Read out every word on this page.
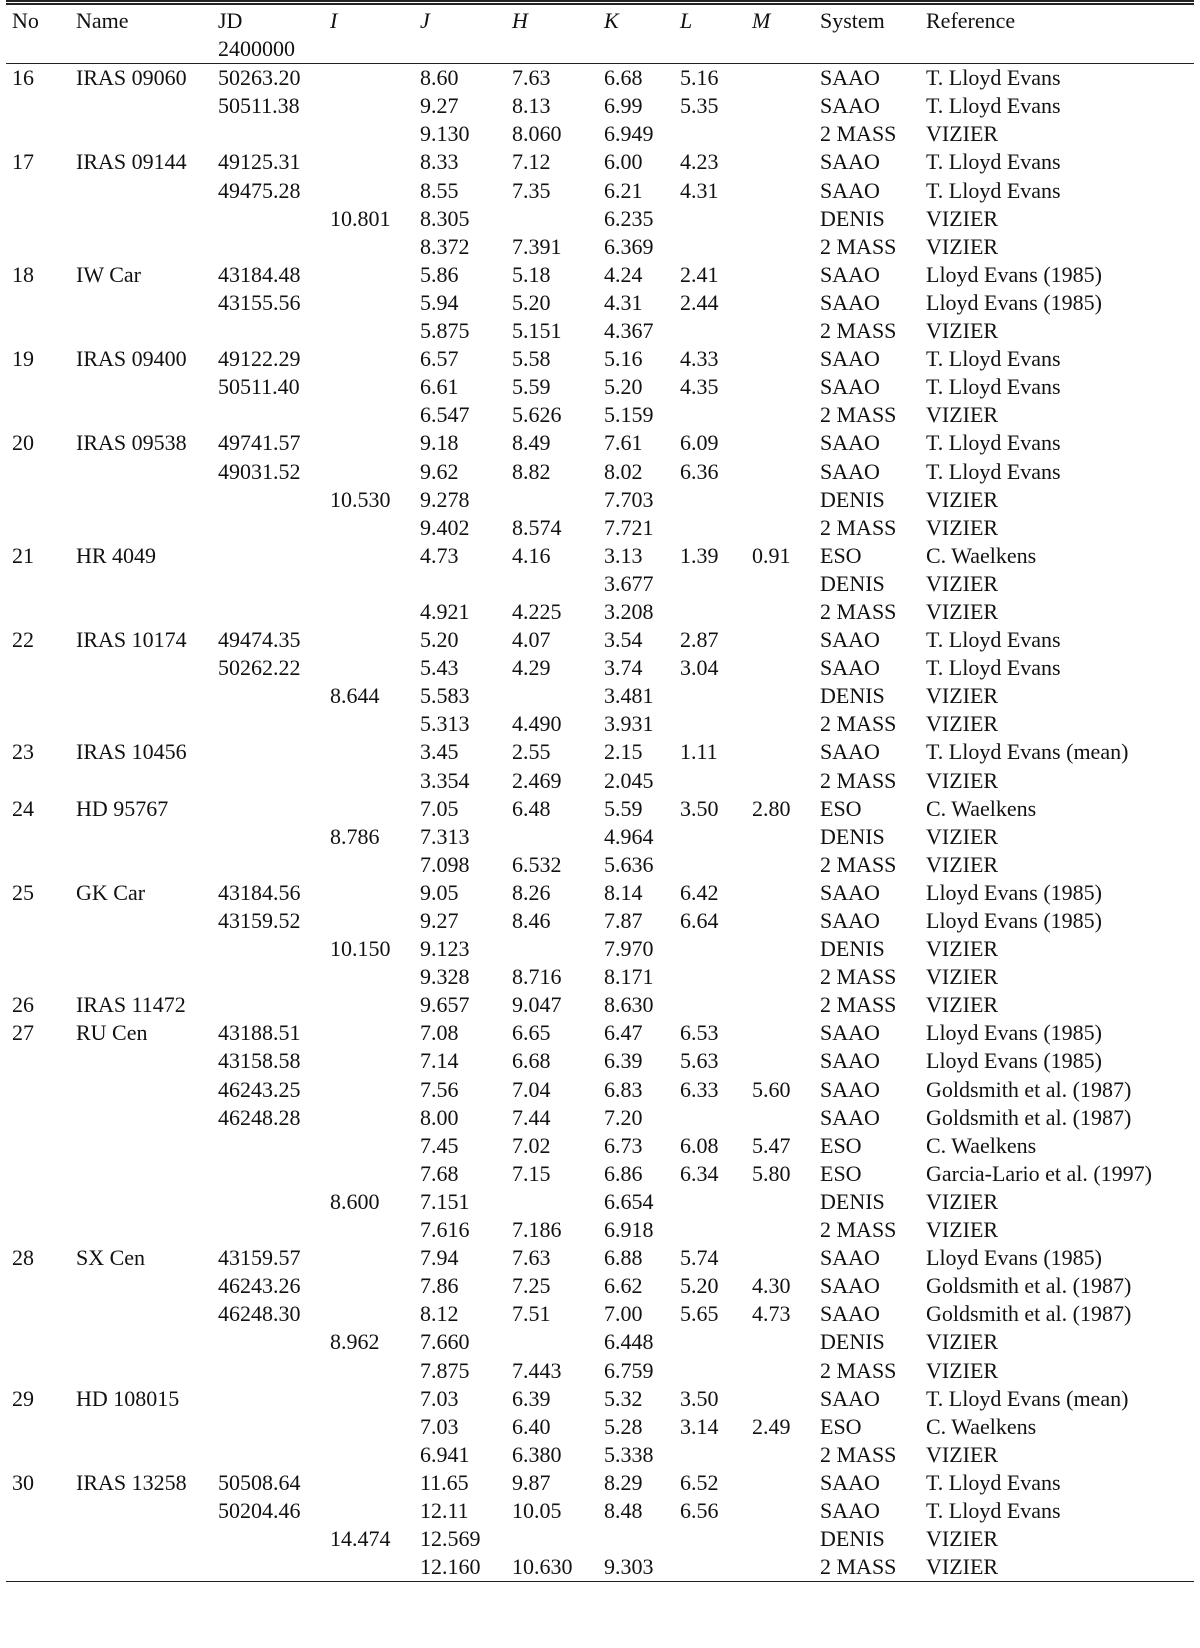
No	Name	JD	I	J	H	K	L	M	System	Reference
		2400000								
16	IRAS 09060	50263.20		8.60	7.63	6.68	5.16		SAAO	T. Lloyd Evans
		50511.38		9.27	8.13	6.99	5.35		SAAO	T. Lloyd Evans
				9.130	8.060	6.949			2 MASS	VIZIER
17	IRAS 09144	49125.31		8.33	7.12	6.00	4.23		SAAO	T. Lloyd Evans
		49475.28		8.55	7.35	6.21	4.31		SAAO	T. Lloyd Evans
			10.801	8.305		6.235			DENIS	VIZIER
				8.372	7.391	6.369			2 MASS	VIZIER
18	IW Car	43184.48		5.86	5.18	4.24	2.41		SAAO	Lloyd Evans (1985)
		43155.56		5.94	5.20	4.31	2.44		SAAO	Lloyd Evans (1985)
				5.875	5.151	4.367			2 MASS	VIZIER
19	IRAS 09400	49122.29		6.57	5.58	5.16	4.33		SAAO	T. Lloyd Evans
		50511.40		6.61	5.59	5.20	4.35		SAAO	T. Lloyd Evans
				6.547	5.626	5.159			2 MASS	VIZIER
20	IRAS 09538	49741.57		9.18	8.49	7.61	6.09		SAAO	T. Lloyd Evans
		49031.52		9.62	8.82	8.02	6.36		SAAO	T. Lloyd Evans
			10.530	9.278		7.703			DENIS	VIZIER
				9.402	8.574	7.721			2 MASS	VIZIER
21	HR 4049			4.73	4.16	3.13	1.39	0.91	ESO	C. Waelkens
						3.677			DENIS	VIZIER
				4.921	4.225	3.208			2 MASS	VIZIER
22	IRAS 10174	49474.35		5.20	4.07	3.54	2.87		SAAO	T. Lloyd Evans
		50262.22		5.43	4.29	3.74	3.04		SAAO	T. Lloyd Evans
			8.644	5.583		3.481			DENIS	VIZIER
				5.313	4.490	3.931			2 MASS	VIZIER
23	IRAS 10456			3.45	2.55	2.15	1.11		SAAO	T. Lloyd Evans (mean)
				3.354	2.469	2.045			2 MASS	VIZIER
24	HD 95767			7.05	6.48	5.59	3.50	2.80	ESO	C. Waelkens
			8.786	7.313		4.964			DENIS	VIZIER
				7.098	6.532	5.636			2 MASS	VIZIER
25	GK Car	43184.56		9.05	8.26	8.14	6.42		SAAO	Lloyd Evans (1985)
		43159.52		9.27	8.46	7.87	6.64		SAAO	Lloyd Evans (1985)
			10.150	9.123		7.970			DENIS	VIZIER
				9.328	8.716	8.171			2 MASS	VIZIER
26	IRAS 11472			9.657	9.047	8.630			2 MASS	VIZIER
27	RU Cen	43188.51		7.08	6.65	6.47	6.53		SAAO	Lloyd Evans (1985)
		43158.58		7.14	6.68	6.39	5.63		SAAO	Lloyd Evans (1985)
		46243.25		7.56	7.04	6.83	6.33	5.60	SAAO	Goldsmith et al. (1987)
		46248.28		8.00	7.44	7.20			SAAO	Goldsmith et al. (1987)
				7.45	7.02	6.73	6.08	5.47	ESO	C. Waelkens
				7.68	7.15	6.86	6.34	5.80	ESO	Garcia-Lario et al. (1997)
			8.600	7.151		6.654			DENIS	VIZIER
				7.616	7.186	6.918			2 MASS	VIZIER
28	SX Cen	43159.57		7.94	7.63	6.88	5.74		SAAO	Lloyd Evans (1985)
		46243.26		7.86	7.25	6.62	5.20	4.30	SAAO	Goldsmith et al. (1987)
		46248.30		8.12	7.51	7.00	5.65	4.73	SAAO	Goldsmith et al. (1987)
			8.962	7.660		6.448			DENIS	VIZIER
				7.875	7.443	6.759			2 MASS	VIZIER
29	HD 108015			7.03	6.39	5.32	3.50		SAAO	T. Lloyd Evans (mean)
				7.03	6.40	5.28	3.14	2.49	ESO	C. Waelkens
				6.941	6.380	5.338			2 MASS	VIZIER
30	IRAS 13258	50508.64		11.65	9.87	8.29	6.52		SAAO	T. Lloyd Evans
		50204.46		12.11	10.05	8.48	6.56		SAAO	T. Lloyd Evans
			14.474	12.569					DENIS	VIZIER
				12.160	10.630	9.303			2 MASS	VIZIER
